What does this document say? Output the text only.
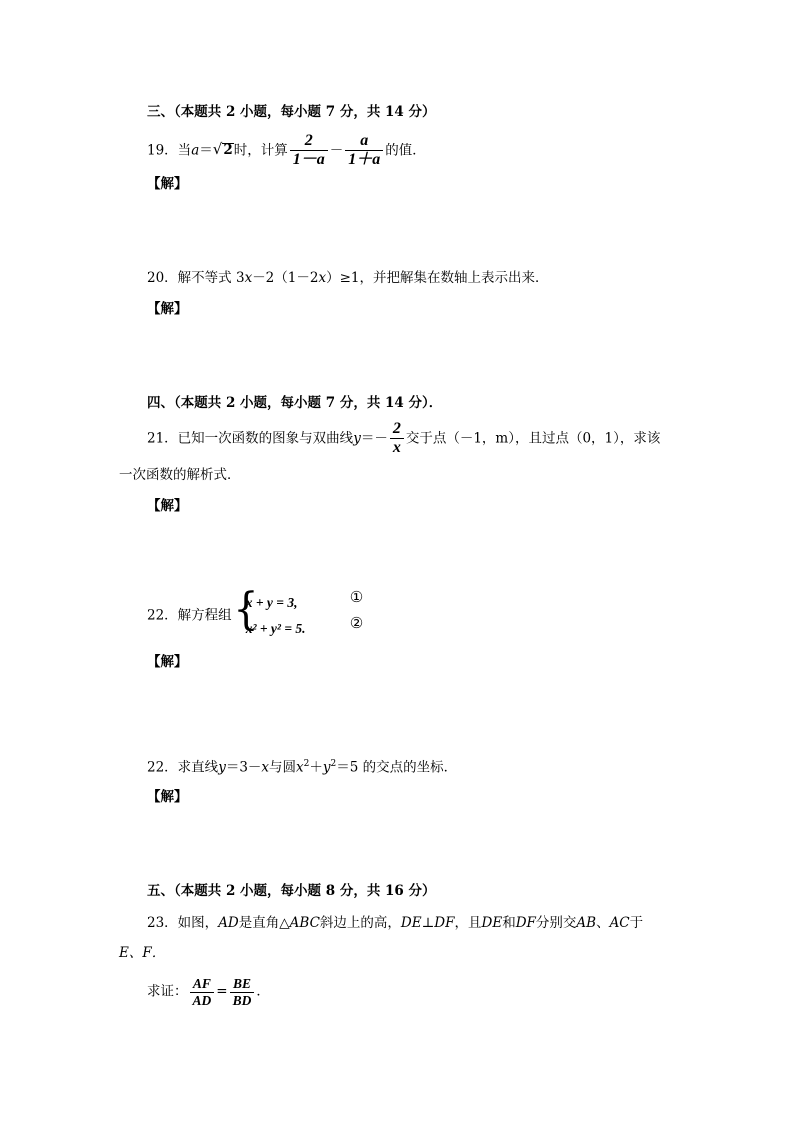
三、（本题共 2 小题，每小题 7 分，共 14 分）
19．当a＝√2时，计算 $\frac{2}{1-a} - \frac{a}{1+a}$ 的值．
【解】
20．解不等式 3x－2（1－2x）≥1，并把解集在数轴上表示出来．
【解】
四、（本题共 2 小题，每小题 7 分，共 14 分）．
21．已知一次函数的图象与双曲线$y=- \frac{2}{x}$ 交于点（－1，m），且过点（0，1），求该
一次函数的解析式．
【解】
22．解方程组 {
x + y = 3,	①
x² + y² = 5.	②
【解】
22．求直线y＝3－x与圆$x^2+y^2=5$ 的交点的坐标．
【解】
五、（本题共 2 小题，每小题 8 分，共 16 分）
23．如图，AD是直角△ABC斜边上的高，DE⊥DF，且DE和DF分别交AB、AC于
E、F．
求证： $\frac{AF}{AD} = \frac{BE}{BD}$ ．
